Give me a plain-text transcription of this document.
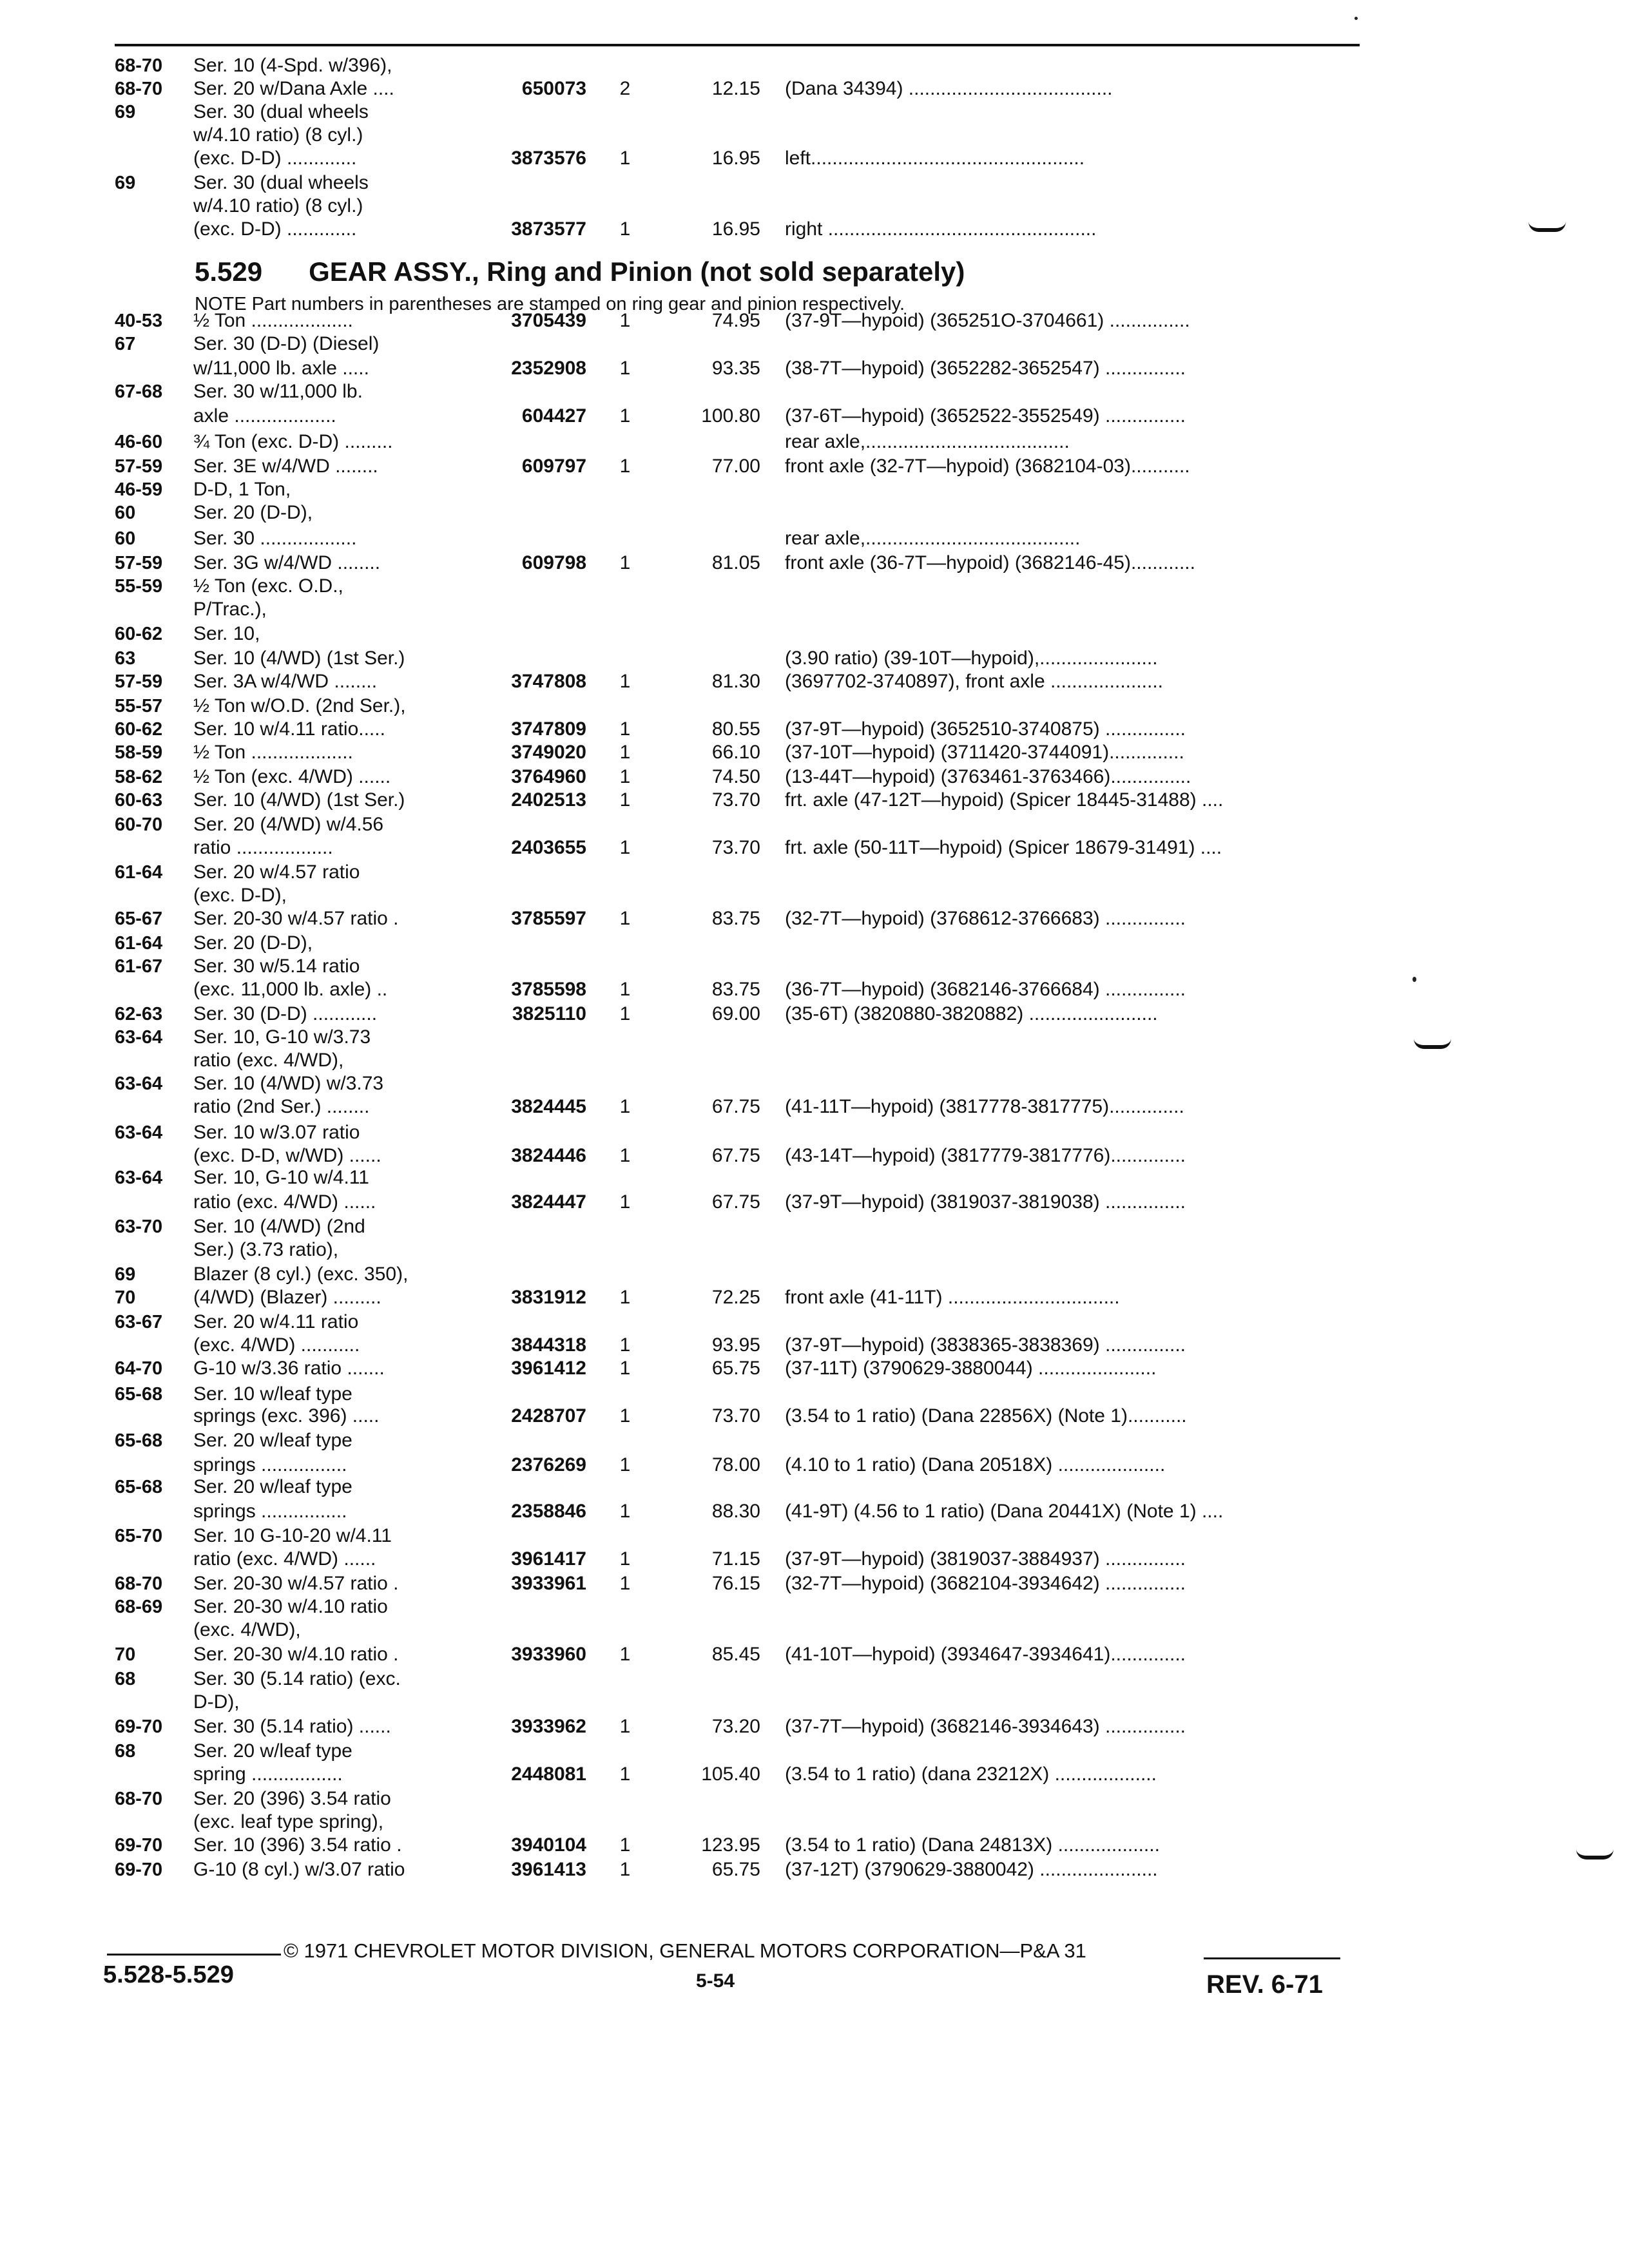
68-70 Ser. 10 (4-Spd. w/396),
68-70 Ser. 20 w/Dana Axle ....	650073 2	12.15 (Dana 34394) ......................................
69	Ser. 30 (dual wheels
w/4.10 ratio) (8 cyl.)
(exc. D-D) .............	3873576 1	16.95 left...................................................
69	Ser. 30 (dual wheels
w/4.10 ratio) (8 cyl.)
(exc. D-D) .............	3873577 1	16.95 right ..................................................
40-53 ½ Ton ...................	3705439 1	74.95 (37-9T—hypoid) (365251O-3704661) ...............
67	Ser. 30 (D-D) (Diesel)
w/11,000 lb. axle .....	2352908 1	93.35 (38-7T—hypoid) (3652282-3652547) ...............
67-68 Ser. 30 w/11,000 lb.
axle ...................	604427 1	100.80 (37-6T—hypoid) (3652522-3552549) ...............
46-60 ¾ Ton (exc. D-D) .........	rear axle,......................................
57-59 Ser. 3E w/4/WD ........	609797 1	77.00 front axle (32-7T—hypoid) (3682104-03)...........
46-59 D-D, 1 Ton,
60	Ser. 20 (D-D),
60	Ser. 30 ..................	rear axle,........................................
57-59 Ser. 3G w/4/WD ........	609798 1	81.05 front axle (36-7T—hypoid) (3682146-45)............
55-59 ½ Ton (exc. O.D.,
P/Trac.),
60-62 Ser. 10,
63	Ser. 10 (4/WD) (1st Ser.)	(3.90 ratio) (39-10T—hypoid),......................
57-59 Ser. 3A w/4/WD ........	3747808 1	81.30 (3697702-3740897), front axle .....................
55-57 ½ Ton w/O.D. (2nd Ser.),
60-62 Ser. 10 w/4.11 ratio.....	3747809 1	80.55 (37-9T—hypoid) (3652510-3740875) ...............
58-59 ½ Ton ...................	3749020 1	66.10 (37-10T—hypoid) (3711420-3744091)..............
58-62 ½ Ton (exc. 4/WD) ......	3764960 1	74.50 (13-44T—hypoid) (3763461-3763466)...............
60-63 Ser. 10 (4/WD) (1st Ser.)	2402513 1	73.70 frt. axle (47-12T—hypoid) (Spicer 18445-31488) ....
60-70 Ser. 20 (4/WD) w/4.56
ratio ..................	2403655 1	73.70 frt. axle (50-11T—hypoid) (Spicer 18679-31491) ....
61-64 Ser. 20 w/4.57 ratio
(exc. D-D),
65-67 Ser. 20-30 w/4.57 ratio .	3785597 1	83.75 (32-7T—hypoid) (3768612-3766683) ...............
61-64 Ser. 20 (D-D),
61-67 Ser. 30 w/5.14 ratio
(exc. 11,000 lb. axle) ..	3785598 1	83.75 (36-7T—hypoid) (3682146-3766684) ...............
62-63 Ser. 30 (D-D) ............	3825110 1	69.00 (35-6T) (3820880-3820882) ........................
63-64 Ser. 10, G-10 w/3.73
ratio (exc. 4/WD),
63-64 Ser. 10 (4/WD) w/3.73
ratio (2nd Ser.) ........	3824445 1	67.75 (41-11T—hypoid) (3817778-3817775)..............
63-64 Ser. 10 w/3.07 ratio
(exc. D-D, w/WD) ......	3824446 1	67.75 (43-14T—hypoid) (3817779-3817776)..............
63-64 Ser. 10, G-10 w/4.11
ratio (exc. 4/WD) ......	3824447 1	67.75 (37-9T—hypoid) (3819037-3819038) ...............
63-70 Ser. 10 (4/WD) (2nd
Ser.) (3.73 ratio),
69	Blazer (8 cyl.) (exc. 350),
70	(4/WD) (Blazer) .........	3831912 1	72.25 front axle (41-11T) ................................
63-67 Ser. 20 w/4.11 ratio
(exc. 4/WD) ...........	3844318 1	93.95 (37-9T—hypoid) (3838365-3838369) ...............
64-70 G-10 w/3.36 ratio .......	3961412 1	65.75 (37-11T) (3790629-3880044) ......................
65-68 Ser. 10 w/leaf type
springs (exc. 396) .....	2428707 1	73.70 (3.54 to 1 ratio) (Dana 22856X) (Note 1)...........
65-68 Ser. 20 w/leaf type
springs ................	2376269 1	78.00 (4.10 to 1 ratio) (Dana 20518X) ....................
65-68 Ser. 20 w/leaf type
springs ................	2358846 1	88.30 (41-9T) (4.56 to 1 ratio) (Dana 20441X) (Note 1) ....
65-70 Ser. 10 G-10-20 w/4.11
ratio (exc. 4/WD) ......	3961417 1	71.15 (37-9T—hypoid) (3819037-3884937) ...............
68-70 Ser. 20-30 w/4.57 ratio .	3933961 1	76.15 (32-7T—hypoid) (3682104-3934642) ...............
68-69 Ser. 20-30 w/4.10 ratio
(exc. 4/WD),
70	Ser. 20-30 w/4.10 ratio .	3933960 1	85.45 (41-10T—hypoid) (3934647-3934641)..............
68	Ser. 30 (5.14 ratio) (exc.
D-D),
69-70 Ser. 30 (5.14 ratio) ......	3933962 1	73.20 (37-7T—hypoid) (3682146-3934643) ...............
68	Ser. 20 w/leaf type
spring .................	2448081 1	105.40 (3.54 to 1 ratio) (dana 23212X) ...................
68-70 Ser. 20 (396) 3.54 ratio
(exc. leaf type spring),
69-70 Ser. 10 (396) 3.54 ratio .	3940104 1	123.95 (3.54 to 1 ratio) (Dana 24813X) ...................
69-70 G-10 (8 cyl.) w/3.07 ratio	3961413 1	65.75 (37-12T) (3790629-3880042) ......................
5.529 GEAR ASSY., Ring and Pinion (not sold separately)
NOTE Part numbers in parentheses are stamped on ring gear and pinion respectively.
© 1971 CHEVROLET MOTOR DIVISION, GENERAL MOTORS CORPORATION—P&A 31
5.528-5.529	5-54	REV. 6-71
